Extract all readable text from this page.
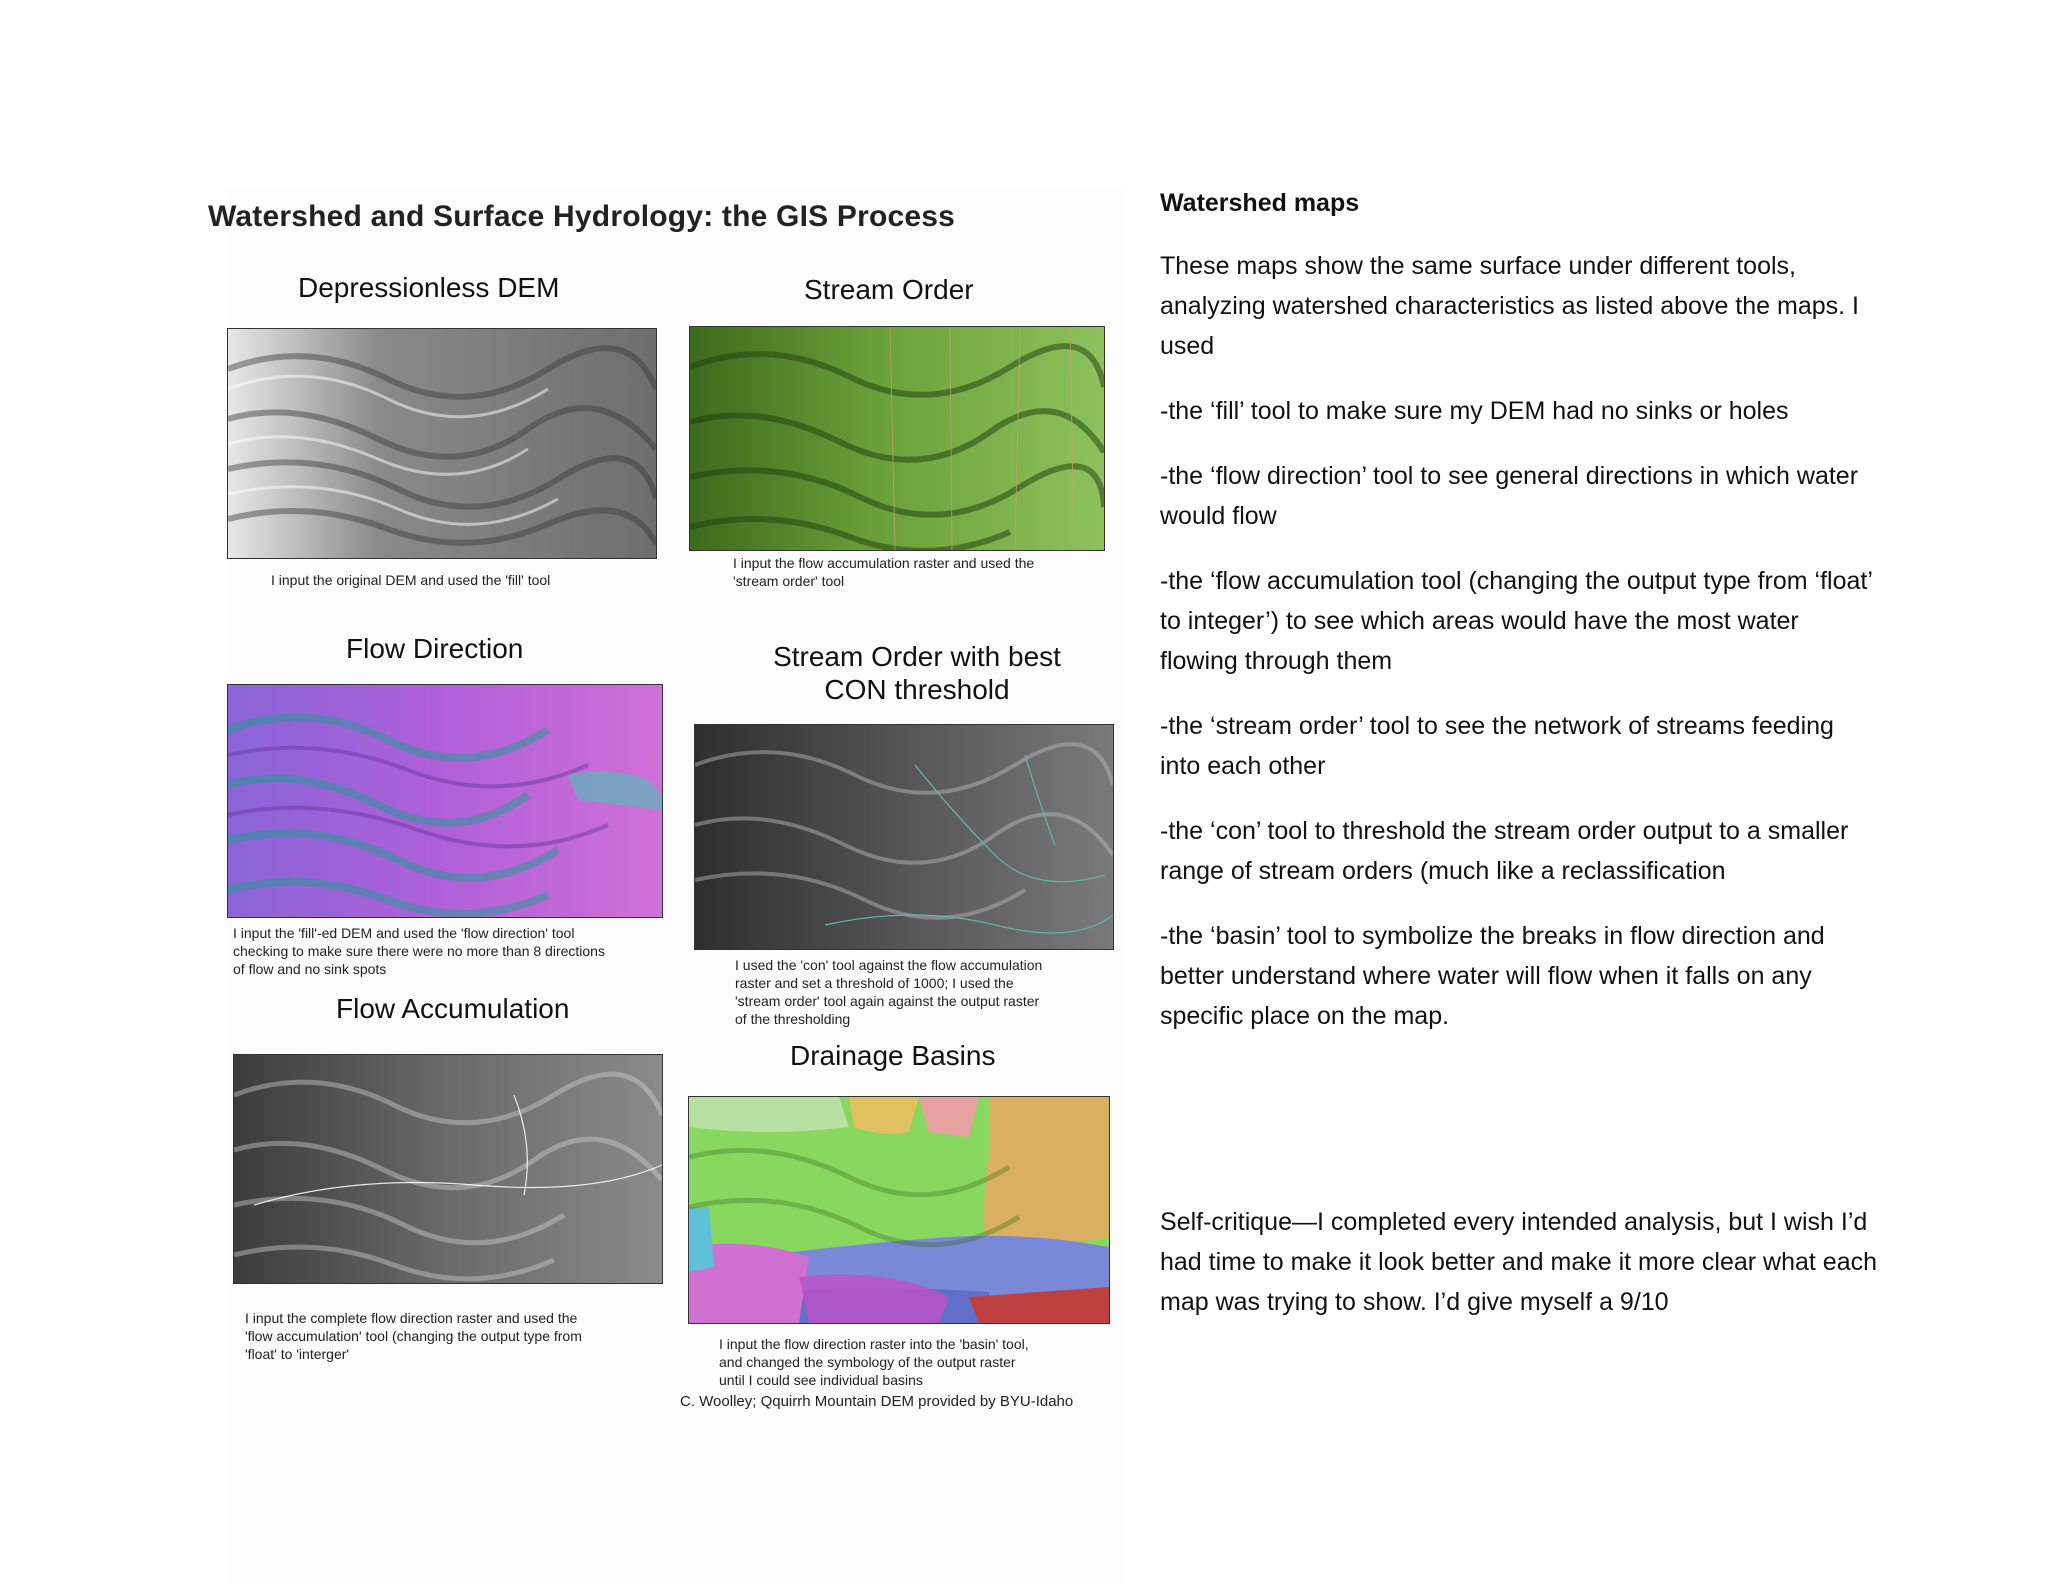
Watershed and Surface Hydrology: the GIS Process
Depressionless DEM
I input the original DEM and used the 'fill' tool
Stream Order
I input the flow accumulation raster and used the
'stream order' tool
Flow Direction
I input the 'fill'-ed DEM and used the 'flow direction' tool
checking to make sure there were no more than 8 directions
of flow and no sink spots
Stream Order with best
CON threshold
I used the 'con' tool against the flow accumulation
raster and set a threshold of 1000; I used the
'stream order' tool again against the output raster
of the thresholding
Flow Accumulation
I input the complete flow direction raster and used the
'flow accumulation' tool (changing the output type from
'float' to 'interger'
Drainage Basins
I input the flow direction raster into the 'basin' tool,
and changed the symbology of the output raster
until I could see individual basins
C. Woolley; Qquirrh Mountain DEM provided by BYU-Idaho
Watershed maps

These maps show the same surface under different tools, analyzing watershed characteristics as listed above the maps. I used

-the ‘fill’ tool to make sure my DEM had no sinks or holes

-the ‘flow direction’ tool to see general directions in which water would flow

-the ‘flow accumulation tool (changing the output type from ‘float’ to integer’) to see which areas would have the most water flowing through them

-the ‘stream order’ tool to see the network of streams feeding into each other

-the ‘con’ tool to threshold the stream order output to a smaller range of stream orders (much like a reclassification

-the ‘basin’ tool to symbolize the breaks in flow direction and better understand where water will flow when it falls on any specific place on the map.

Self-critique—I completed every intended analysis, but I wish I’d had time to make it look better and make it more clear what each map was trying to show. I’d give myself a 9/10
